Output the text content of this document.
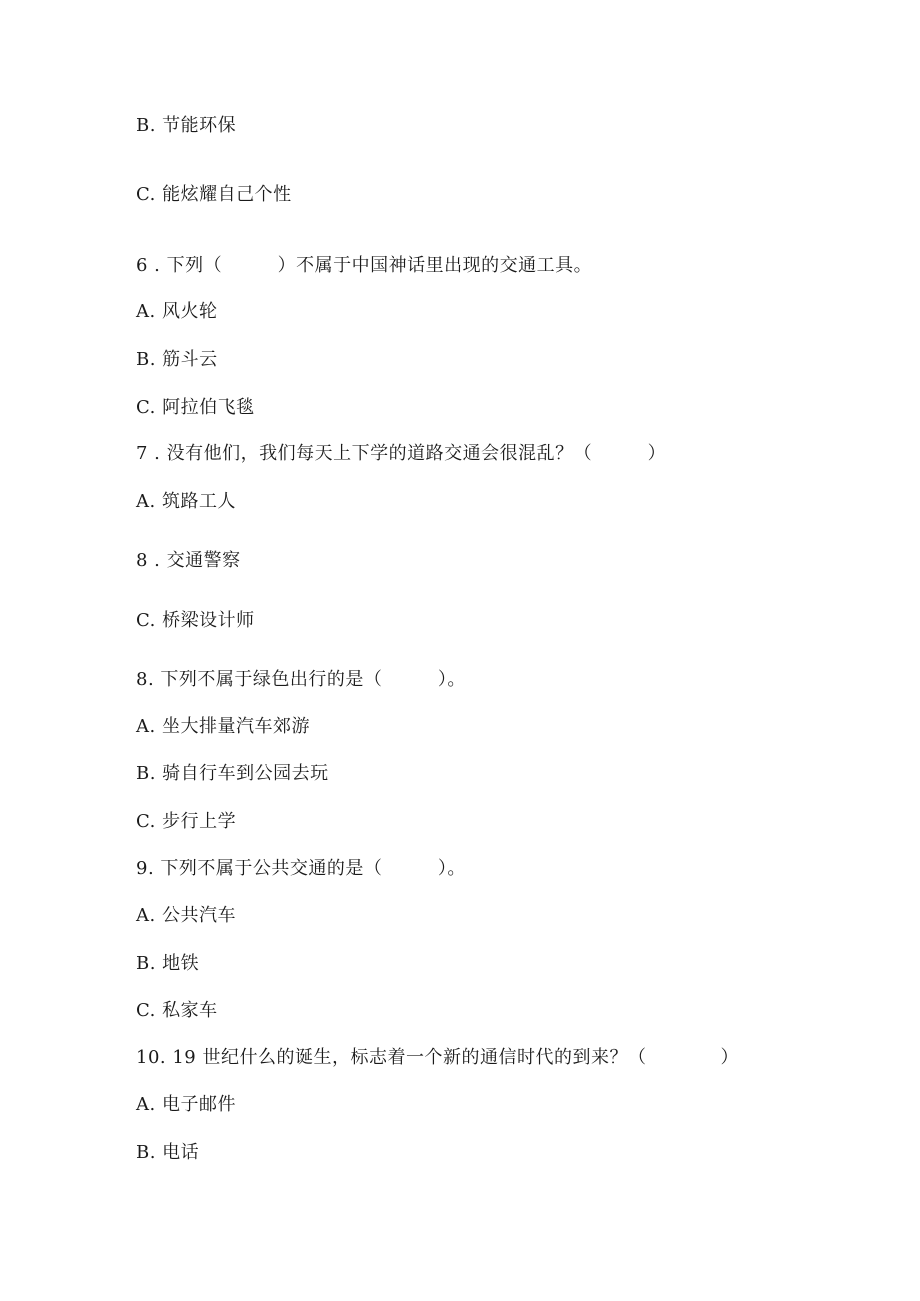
B. 节能环保
C. 能炫耀自己个性
6 . 下列（　　　）不属于中国神话里出现的交通工具。
A. 风火轮
B. 筋斗云
C. 阿拉伯飞毯
7 . 没有他们，我们每天上下学的道路交通会很混乱？（　　　）
A. 筑路工人
8 . 交通警察
C. 桥梁设计师
8. 下列不属于绿色出行的是（　　　）。
A. 坐大排量汽车郊游
B. 骑自行车到公园去玩
C. 步行上学
9. 下列不属于公共交通的是（　　　）。
A. 公共汽车
B. 地铁
C. 私家车
10. 19 世纪什么的诞生，标志着一个新的通信时代的到来？（　　　　）
A. 电子邮件
B. 电话
